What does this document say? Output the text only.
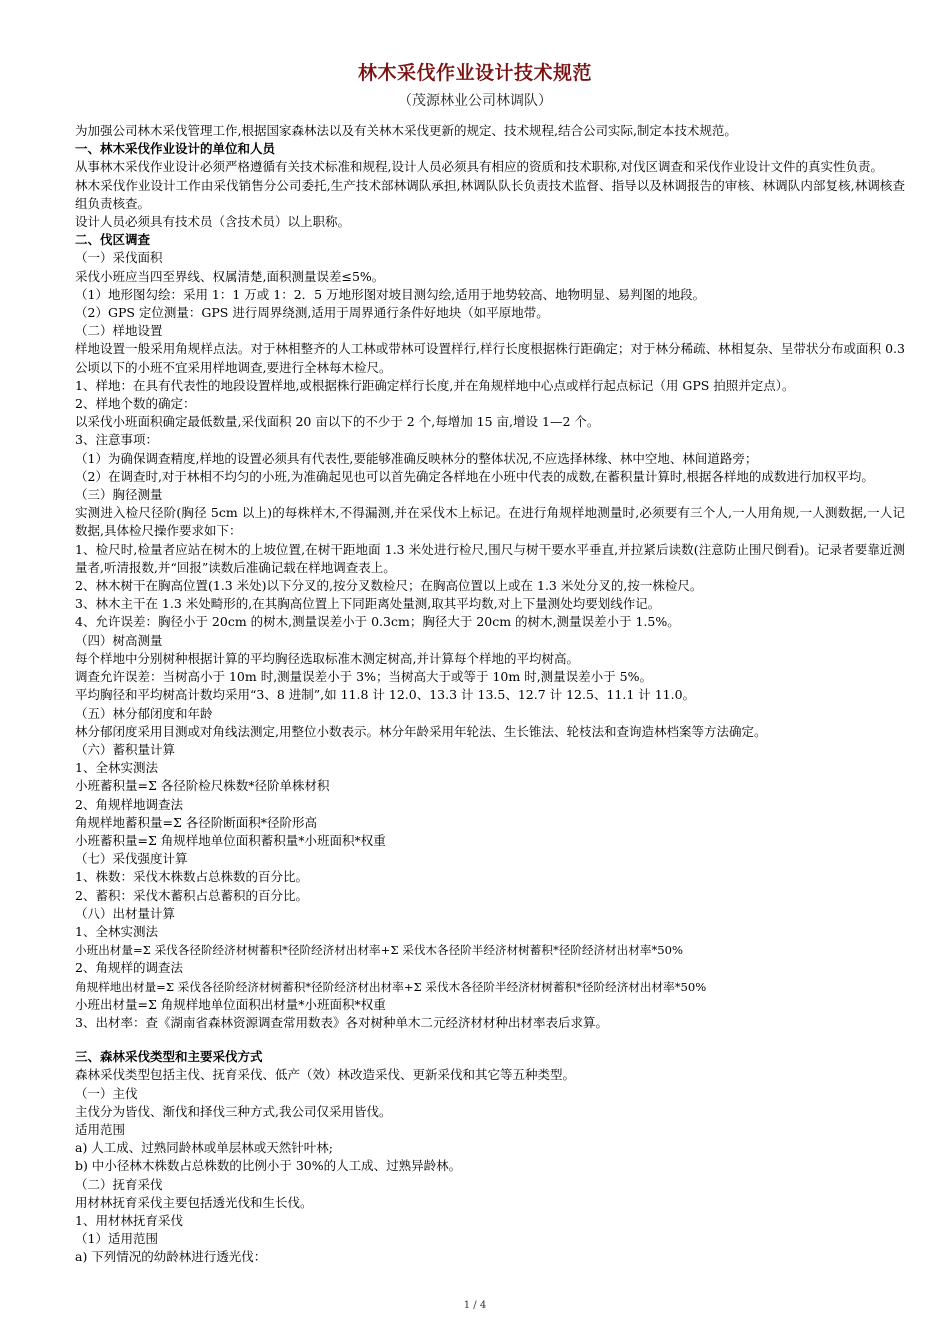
林木采伐作业设计技术规范
（茂源林业公司林调队）

为加强公司林木采伐管理工作,根据国家森林法以及有关林木采伐更新的规定、技术规程,结合公司实际,制定本技术规范。

一、林木采伐作业设计的单位和人员

从事林木采伐作业设计必须严格遵循有关技术标准和规程,设计人员必须具有相应的资质和技术职称,对伐区调查和采伐作业设计文件的真实性负责。

林木采伐作业设计工作由采伐销售分公司委托,生产技术部林调队承担,林调队队长负责技术监督、指导以及林调报告的审核、林调队内部复核,林调核查组负责核查。

设计人员必须具有技术员（含技术员）以上职称。

二、伐区调查

（一）采伐面积

采伐小班应当四至界线、权属清楚,面积测量误差≤5%。

（1）地形图勾绘：采用 1：1 万或 1：2．5 万地形图对坡目测勾绘,适用于地势较高、地物明显、易判图的地段。

（2）GPS 定位测量：GPS 进行周界绕测,适用于周界通行条件好地块（如平原地带。

（二）样地设置

样地设置一般采用角规样点法。对于林相整齐的人工林或带林可设置样行,样行长度根据株行距确定；对于林分稀疏、林相复杂、呈带状分布或面积 0.3 公顷以下的小班不宜采用样地调查,要进行全林每木检尺。

1、样地：在具有代表性的地段设置样地,或根据株行距确定样行长度,并在角规样地中心点或样行起点标记（用 GPS 拍照并定点）。

2、样地个数的确定：

以采伐小班面积确定最低数量,采伐面积 20 亩以下的不少于 2 个,每增加 15 亩,增设 1—2 个。

3、注意事项：

（1）为确保调查精度,样地的设置必须具有代表性,要能够准确反映林分的整体状况,不应选择林缘、林中空地、林间道路旁；

（2）在调查时,对于林相不均匀的小班,为准确起见也可以首先确定各样地在小班中代表的成数,在蓄积量计算时,根据各样地的成数进行加权平均。

（三）胸径测量

实测进入检尺径阶(胸径 5cm 以上)的每株样木,不得漏测,并在采伐木上标记。在进行角规样地测量时,必须要有三个人,一人用角规,一人测数据,一人记数据,具体检尺操作要求如下：

1、检尺时,检量者应站在树木的上坡位置,在树干距地面 1.3 米处进行检尺,围尺与树干要水平垂直,并拉紧后读数(注意防止围尺倒看)。记录者要靠近测量者,听清报数,并“回报”读数后准确记载在样地调查表上。

2、林木树干在胸高位置(1.3 米处)以下分叉的,按分叉数检尺；在胸高位置以上或在 1.3 米处分叉的,按一株检尺。

3、林木主干在 1.3 米处畸形的,在其胸高位置上下同距离处量测,取其平均数,对上下量测处均要划线作记。

4、允许误差：胸径小于 20cm 的树木,测量误差小于 0.3cm；胸径大于 20cm 的树木,测量误差小于 1.5%。

（四）树高测量

每个样地中分别树种根据计算的平均胸径选取标准木测定树高,并计算每个样地的平均树高。

调查允许误差：当树高小于 10m 时,测量误差小于 3%；当树高大于或等于 10m 时,测量误差小于 5%。

平均胸径和平均树高计数均采用“3、8 进制”,如 11.8 计 12.0、13.3 计 13.5、12.7 计 12.5、11.1 计 11.0。

（五）林分郁闭度和年龄

林分郁闭度采用目测或对角线法测定,用整位小数表示。林分年龄采用年轮法、生长锥法、轮枝法和查询造林档案等方法确定。

（六）蓄积量计算

1、全林实测法

小班蓄积量=Σ 各径阶检尺株数*径阶单株材积

2、角规样地调查法

角规样地蓄积量=Σ 各径阶断面积*径阶形高

小班蓄积量=Σ 角规样地单位面积蓄积量*小班面积*权重

（七）采伐强度计算

1、株数：采伐木株数占总株数的百分比。

2、蓄积：采伐木蓄积占总蓄积的百分比。

（八）出材量计算

1、全林实测法

小班出材量=Σ 采伐各径阶经济材树蓄积*径阶经济材出材率+Σ 采伐木各径阶半经济材树蓄积*径阶经济材出材率*50%

2、角规样的调查法

角规样地出材量=Σ 采伐各径阶经济材树蓄积*径阶经济材出材率+Σ 采伐木各径阶半经济材树蓄积*径阶经济材出材率*50%

小班出材量=Σ 角规样地单位面积出材量*小班面积*权重

3、出材率：查《湖南省森林资源调查常用数表》各对树种单木二元经济材材种出材率表后求算。

三、森林采伐类型和主要采伐方式

森林采伐类型包括主伐、抚育采伐、低产（效）林改造采伐、更新采伐和其它等五种类型。

（一）主伐

主伐分为皆伐、渐伐和择伐三种方式,我公司仅采用皆伐。

适用范围

a) 人工成、过熟同龄林或单层林或天然针叶林;

b) 中小径林木株数占总株数的比例小于 30%的人工成、过熟异龄林。

（二）抚育采伐

用材林抚育采伐主要包括透光伐和生长伐。

1、用材林抚育采伐

（1）适用范围

a) 下列情况的幼龄林进行透光伐：

1 / 4
